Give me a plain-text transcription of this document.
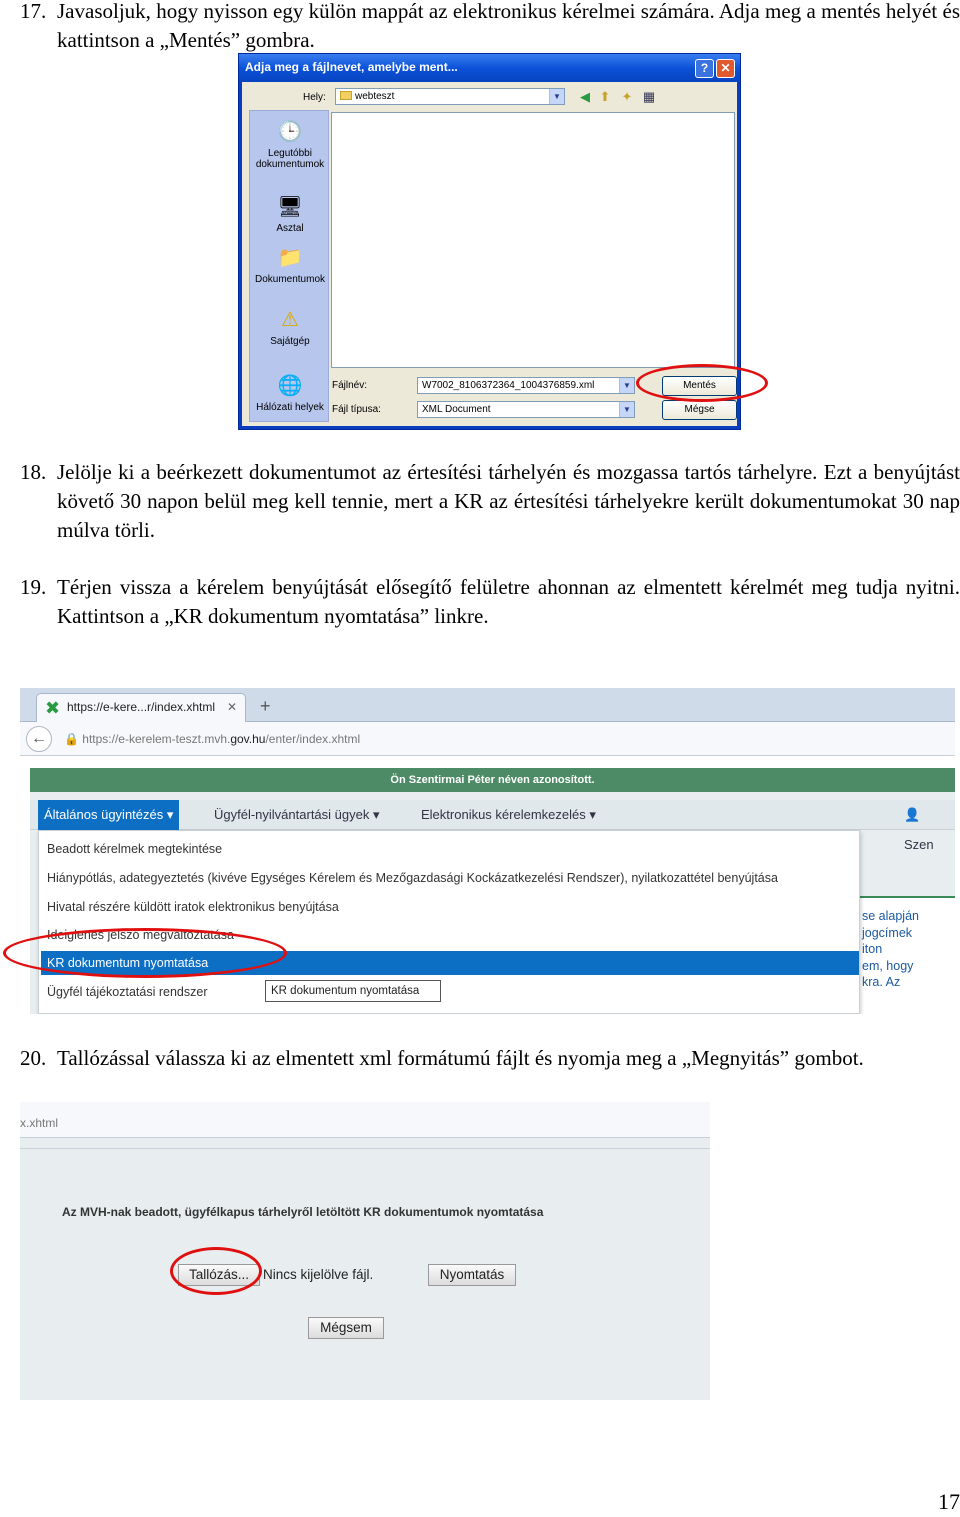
17. Javasoljuk, hogy nyisson egy külön mappát az elektronikus kérelmei számára. Adja meg a mentés helyét és kattintson a „Mentés” gombra.
Adja meg a fájlnevet, amelybe ment...	?	✕
Hely:	webteszt	▼ ◀ ⬆ ✦ ▦
🕒
Legutóbbi dokumentumok
🖥
Asztal
📁
Dokumentumok
⚠
Sajátgép
🌐
Hálózati helyek
Fájlnév:	W7002_8106372364_1004376859.xml	▼
Fájl típusa:	XML Document	▼
Mentés
Mégse
18. Jelölje ki a beérkezett dokumentumot az értesítési tárhelyén és mozgassa tartós tárhelyre. Ezt a benyújtást követő 30 napon belül meg kell tennie, mert a KR az értesítési tárhelyekre került dokumentumokat 30 nap múlva törli.
19. Térjen vissza a kérelem benyújtását elősegítő felületre ahonnan az elmentett kérelmét meg tudja nyitni. Kattintson a „KR dokumentum nyomtatása” linkre.
✖ https://e-kere...r/index.xhtml ✕ +
←	🔒 https://e-kerelem-teszt.mvh.gov.hu/enter/index.xhtml
Ön Szentirmai Péter néven azonosított.
Általános ügyintézés ▾	Ügyfél-nyilvántartási ügyek ▾	Elektronikus kérelemkezelés ▾	👤 Szen
se alapján
jogcímek
iton
em, hogy
kra. Az
Beadott kérelmek megtekintése
Hiánypótlás, adategyeztetés (kivéve Egységes Kérelem és Mezőgazdasági Kockázatkezelési Rendszer), nyilatkozattétel benyújtása
Hivatal részére küldött iratok elektronikus benyújtása
Ideiglenes jelszó megváltoztatása
KR dokumentum nyomtatása
Ügyfél tájékoztatási rendszer	KR dokumentum nyomtatása
20. Tallózással válassza ki az elmentett xml formátumú fájlt és nyomja meg a „Megnyitás” gombot.
x.xhtml
Az MVH-nak beadott, ügyfélkapus tárhelyről letöltött KR dokumentumok nyomtatása
Tallózás...	Nincs kijelölve fájl.	Nyomtatás
Mégsem
17
